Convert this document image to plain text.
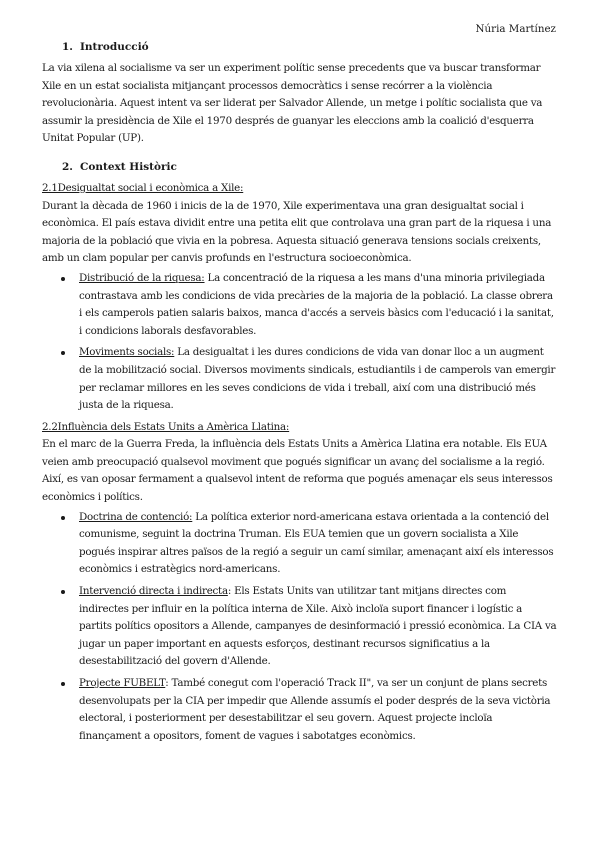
Núria Martínez
1. Introducció

La via xilena al socialisme va ser un experiment polític sense precedents que va buscar transformar Xile en un estat socialista mitjançant processos democràtics i sense recórrer a la violència revolucionària. Aquest intent va ser liderat per Salvador Allende, un metge i polític socialista que va assumir la presidència de Xile el 1970 després de guanyar les eleccions amb la coalició d'esquerra Unitat Popular (UP).

2. Context Històric
2.1Desigualtat social i econòmica a Xile:

Durant la dècada de 1960 i inicis de la de 1970, Xile experimentava una gran desigualtat social i econòmica. El país estava dividit entre una petita elit que controlava una gran part de la riquesa i una majoria de la població que vivia en la pobresa. Aquesta situació generava tensions socials creixents, amb un clam popular per canvis profunds en l'estructura socioeconòmica.

Distribució de la riquesa: La concentració de la riquesa a les mans d'una minoria privilegiada contrastava amb les condicions de vida precàries de la majoria de la població. La classe obrera i els camperols patien salaris baixos, manca d'accés a serveis bàsics com l'educació i la sanitat, i condicions laborals desfavorables.
Moviments socials: La desigualtat i les dures condicions de vida van donar lloc a un augment de la mobilització social. Diversos moviments sindicals, estudiantils i de camperols van emergir per reclamar millores en les seves condicions de vida i treball, així com una distribució més justa de la riquesa.
2.2Influència dels Estats Units a Amèrica Llatina:

En el marc de la Guerra Freda, la influència dels Estats Units a Amèrica Llatina era notable. Els EUA veien amb preocupació qualsevol moviment que pogués significar un avanç del socialisme a la regió. Així, es van oposar fermament a qualsevol intent de reforma que pogués amenaçar els seus interessos econòmics i polítics.

Doctrina de contenció: La política exterior nord-americana estava orientada a la contenció del comunisme, seguint la doctrina Truman. Els EUA temien que un govern socialista a Xile pogués inspirar altres països de la regió a seguir un camí similar, amenaçant així els interessos econòmics i estratègics nord-americans.
Intervenció directa i indirecta: Els Estats Units van utilitzar tant mitjans directes com indirectes per influir en la política interna de Xile. Això incloïa suport financer i logístic a partits polítics opositors a Allende, campanyes de desinformació i pressió econòmica. La CIA va jugar un paper important en aquests esforços, destinant recursos significatius a la desestabilització del govern d'Allende.
Projecte FUBELT: També conegut com l'operació Track II", va ser un conjunt de plans secrets desenvolupats per la CIA per impedir que Allende assumís el poder després de la seva victòria electoral, i posteriorment per desestabilitzar el seu govern. Aquest projecte incloïa finançament a opositors, foment de vagues i sabotatges econòmics.
